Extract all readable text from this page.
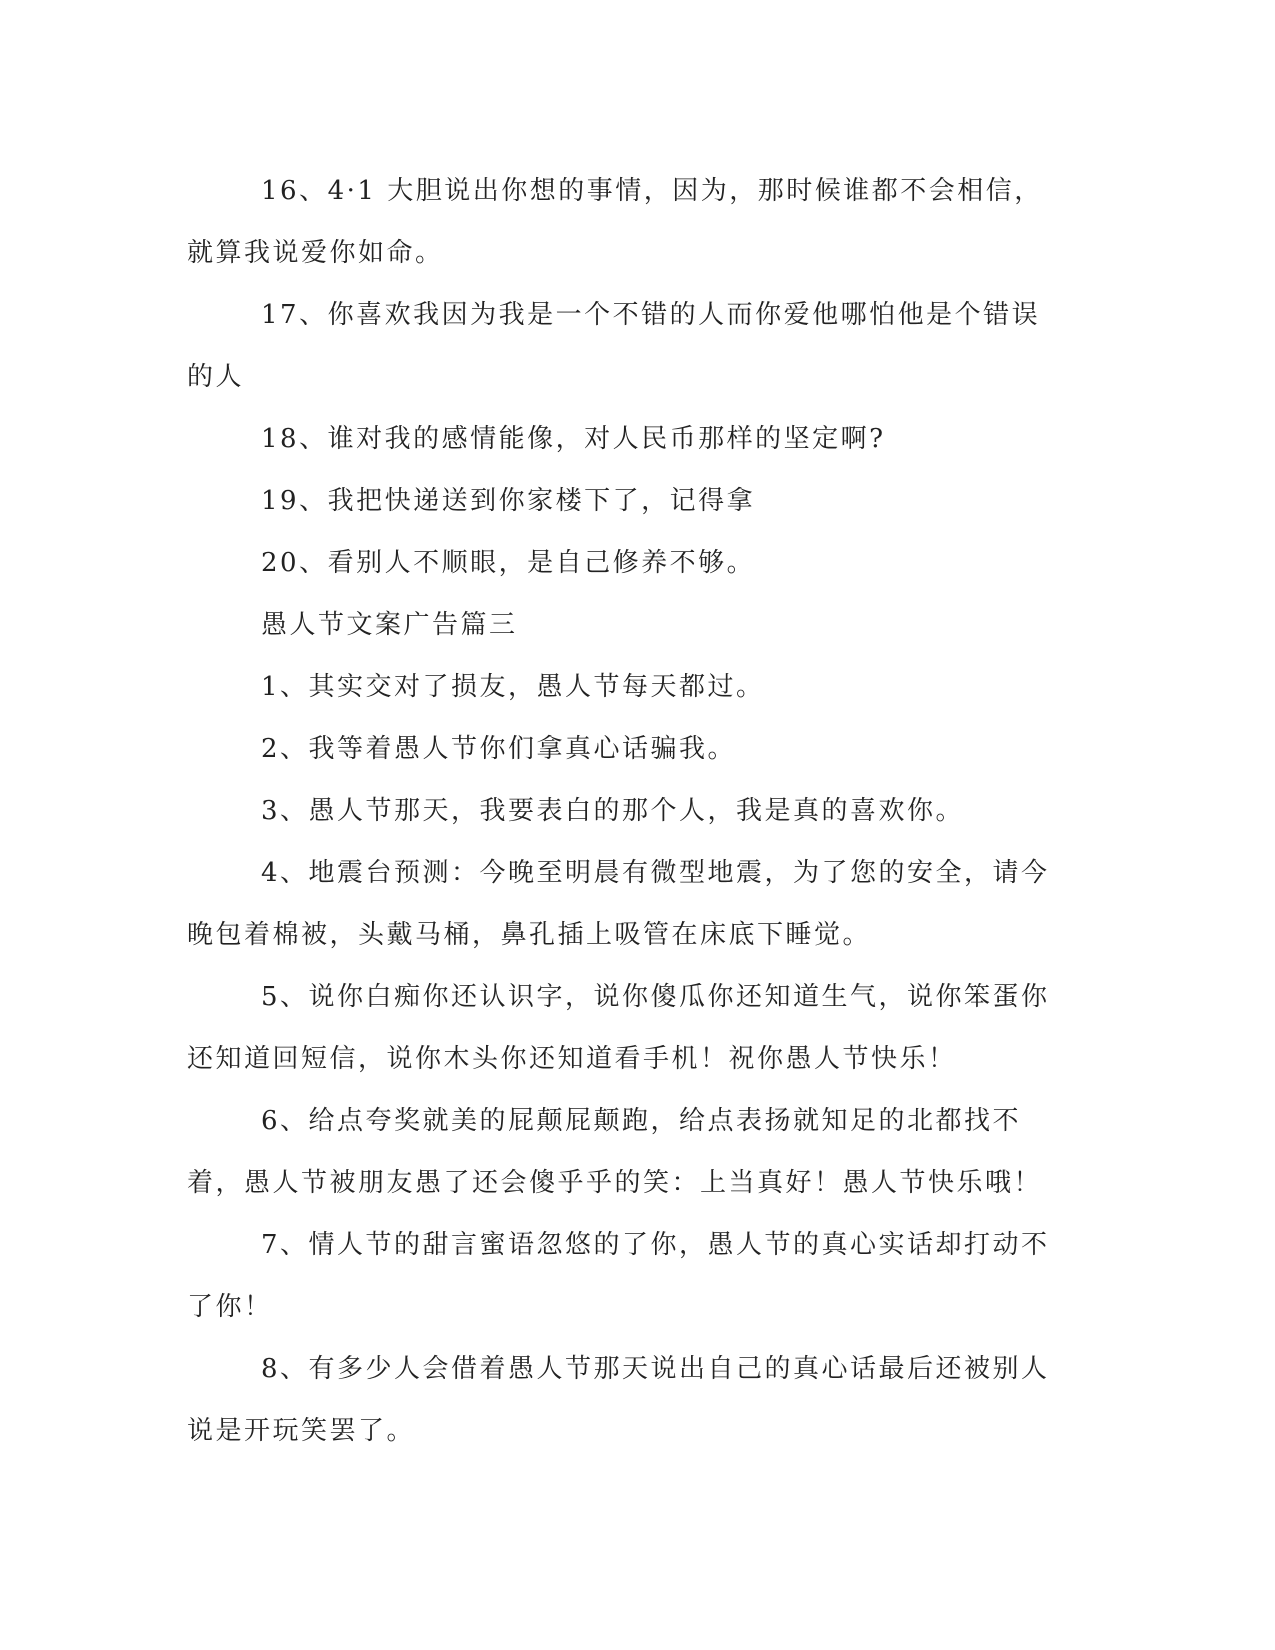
16、4·1 大胆说出你想的事情，因为，那时候谁都不会相信，就算我说爱你如命。

17、你喜欢我因为我是一个不错的人而你爱他哪怕他是个错误的人

18、谁对我的感情能像，对人民币那样的坚定啊?

19、我把快递送到你家楼下了，记得拿

20、看别人不顺眼，是自己修养不够。

愚人节文案广告篇三

1、其实交对了损友，愚人节每天都过。

2、我等着愚人节你们拿真心话骗我。

3、愚人节那天，我要表白的那个人，我是真的喜欢你。

4、地震台预测：今晚至明晨有微型地震，为了您的安全，请今晚包着棉被，头戴马桶，鼻孔插上吸管在床底下睡觉。

5、说你白痴你还认识字，说你傻瓜你还知道生气，说你笨蛋你还知道回短信，说你木头你还知道看手机！祝你愚人节快乐！

6、给点夸奖就美的屁颠屁颠跑，给点表扬就知足的北都找不着，愚人节被朋友愚了还会傻乎乎的笑：上当真好！愚人节快乐哦！

7、情人节的甜言蜜语忽悠的了你，愚人节的真心实话却打动不了你！

8、有多少人会借着愚人节那天说出自己的真心话最后还被别人说是开玩笑罢了。
